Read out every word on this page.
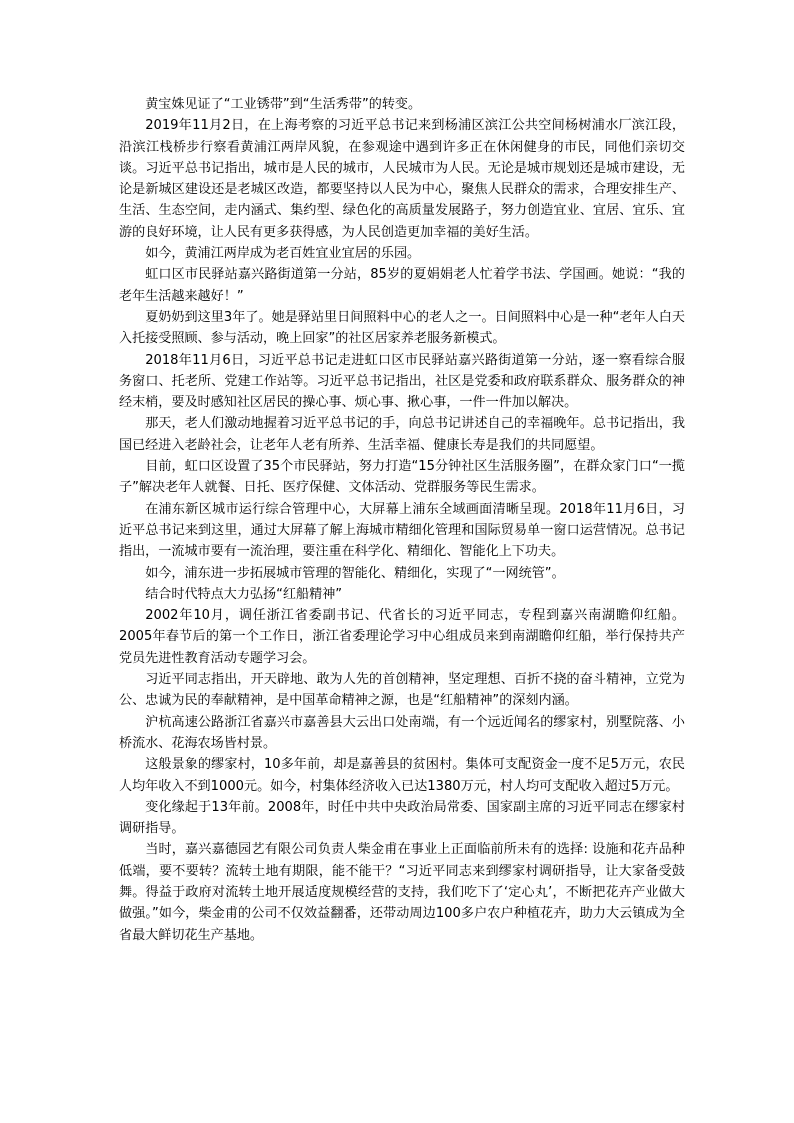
黄宝姝见证了“工业锈带”到“生活秀带”的转变。

2019年11月2日，在上海考察的习近平总书记来到杨浦区滨江公共空间杨树浦水厂滨江段，沿滨江栈桥步行察看黄浦江两岸风貌，在参观途中遇到许多正在休闲健身的市民，同他们亲切交谈。习近平总书记指出，城市是人民的城市，人民城市为人民。无论是城市规划还是城市建设，无论是新城区建设还是老城区改造，都要坚持以人民为中心，聚焦人民群众的需求，合理安排生产、生活、生态空间，走内涵式、集约型、绿色化的高质量发展路子，努力创造宜业、宜居、宜乐、宜游的良好环境，让人民有更多获得感，为人民创造更加幸福的美好生活。

如今，黄浦江两岸成为老百姓宜业宜居的乐园。

虹口区市民驿站嘉兴路街道第一分站，85岁的夏娟娟老人忙着学书法、学国画。她说：“我的老年生活越来越好！”

夏奶奶到这里3年了。她是驿站里日间照料中心的老人之一。日间照料中心是一种“老年人白天入托接受照顾、参与活动，晚上回家”的社区居家养老服务新模式。

2018年11月6日，习近平总书记走进虹口区市民驿站嘉兴路街道第一分站，逐一察看综合服务窗口、托老所、党建工作站等。习近平总书记指出，社区是党委和政府联系群众、服务群众的神经末梢，要及时感知社区居民的操心事、烦心事、揪心事，一件一件加以解决。

那天，老人们激动地握着习近平总书记的手，向总书记讲述自己的幸福晚年。总书记指出，我国已经进入老龄社会，让老年人老有所养、生活幸福、健康长寿是我们的共同愿望。

目前，虹口区设置了35个市民驿站，努力打造“15分钟社区生活服务圈”，在群众家门口“一揽子”解决老年人就餐、日托、医疗保健、文体活动、党群服务等民生需求。

在浦东新区城市运行综合管理中心，大屏幕上浦东全域画面清晰呈现。2018年11月6日，习近平总书记来到这里，通过大屏幕了解上海城市精细化管理和国际贸易单一窗口运营情况。总书记指出，一流城市要有一流治理，要注重在科学化、精细化、智能化上下功夫。

如今，浦东进一步拓展城市管理的智能化、精细化，实现了“一网统管”。

结合时代特点大力弘扬“红船精神”

2002年10月，调任浙江省委副书记、代省长的习近平同志，专程到嘉兴南湖瞻仰红船。2005年春节后的第一个工作日，浙江省委理论学习中心组成员来到南湖瞻仰红船，举行保持共产党员先进性教育活动专题学习会。

习近平同志指出，开天辟地、敢为人先的首创精神，坚定理想、百折不挠的奋斗精神，立党为公、忠诚为民的奉献精神，是中国革命精神之源，也是“红船精神”的深刻内涵。

沪杭高速公路浙江省嘉兴市嘉善县大云出口处南端，有一个远近闻名的缪家村，别墅院落、小桥流水、花海农场皆村景。

这般景象的缪家村，10多年前，却是嘉善县的贫困村。集体可支配资金一度不足5万元，农民人均年收入不到1000元。如今，村集体经济收入已达1380万元，村人均可支配收入超过5万元。

变化缘起于13年前。2008年，时任中共中央政治局常委、国家副主席的习近平同志在缪家村调研指导。

当时，嘉兴嘉德园艺有限公司负责人柴金甫在事业上正面临前所未有的选择: 设施和花卉品种低端，要不要转？流转土地有期限，能不能干？“习近平同志来到缪家村调研指导，让大家备受鼓舞。得益于政府对流转土地开展适度规模经营的支持，我们吃下了‘定心丸’，不断把花卉产业做大做强。”如今，柴金甫的公司不仅效益翻番，还带动周边100多户农户种植花卉，助力大云镇成为全省最大鲜切花生产基地。
